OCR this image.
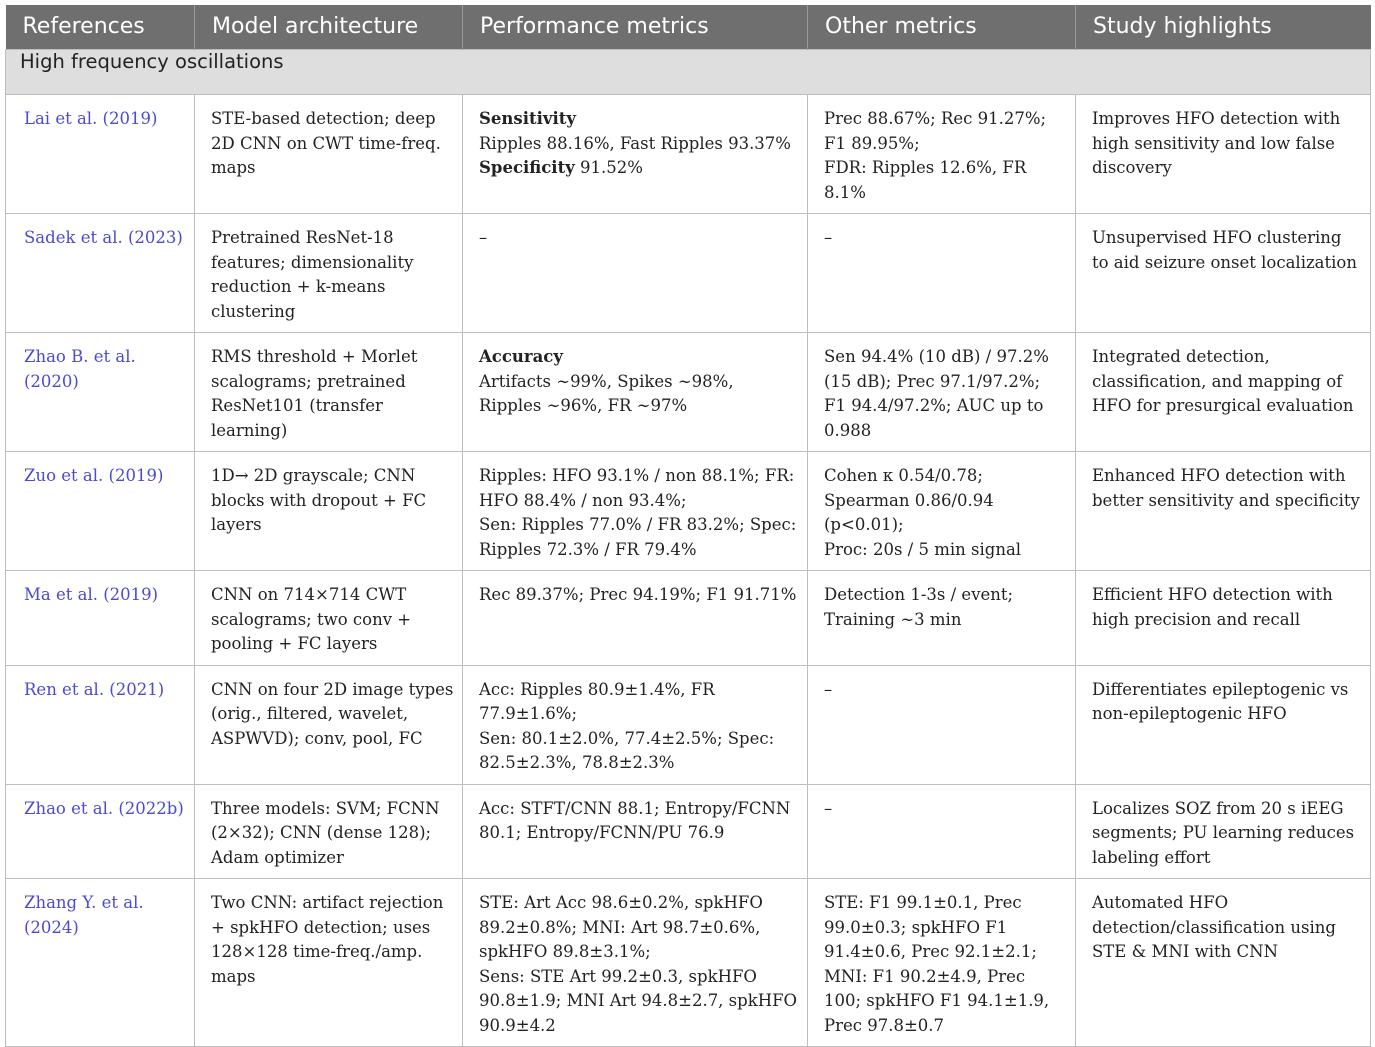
References	Model architecture	Performance metrics	Other metrics	Study highlights
High frequency oscillations				
Lai et al. (2019)	STE-based detection; deep 2D CNN on CWT time-freq. maps	Sensitivity
Ripples 88.16%, Fast Ripples 93.37%
Specificity 91.52%	Prec 88.67%; Rec 91.27%; F1 89.95%;
FDR: Ripples 12.6%, FR 8.1%	Improves HFO detection with high sensitivity and low false discovery
Sadek et al. (2023)	Pretrained ResNet-18 features; dimensionality reduction + k-means clustering	–	–	Unsupervised HFO clustering to aid seizure onset localization
Zhao B. et al. (2020)	RMS threshold + Morlet scalograms; pretrained ResNet101 (transfer learning)	Accuracy
Artifacts ∼99%, Spikes ∼98%, Ripples ∼96%, FR ∼97%	Sen 94.4% (10 dB) / 97.2% (15 dB); Prec 97.1/97.2%; F1 94.4/97.2%; AUC up to 0.988	Integrated detection, classification, and mapping of HFO for presurgical evaluation
Zuo et al. (2019)	1D→ 2D grayscale; CNN blocks with dropout + FC layers	Ripples: HFO 93.1% / non 88.1%; FR: HFO 88.4% / non 93.4%;
Sen: Ripples 77.0% / FR 83.2%; Spec: Ripples 72.3% / FR 79.4%	Cohen κ 0.54/0.78; Spearman 0.86/0.94 (p<0.01);
Proc: 20s / 5 min signal	Enhanced HFO detection with better sensitivity and specificity
Ma et al. (2019)	CNN on 714×714 CWT scalograms; two conv + pooling + FC layers	Rec 89.37%; Prec 94.19%; F1 91.71%	Detection 1-3s / event; Training ∼3 min	Efficient HFO detection with high precision and recall
Ren et al. (2021)	CNN on four 2D image types (orig., filtered, wavelet, ASPWVD); conv, pool, FC	Acc: Ripples 80.9±1.4%, FR 77.9±1.6%;
Sen: 80.1±2.0%, 77.4±2.5%; Spec: 82.5±2.3%, 78.8±2.3%	–	Differentiates epileptogenic vs non-epileptogenic HFO
Zhao et al. (2022b)	Three models: SVM; FCNN (2×32); CNN (dense 128); Adam optimizer	Acc: STFT/CNN 88.1; Entropy/FCNN 80.1; Entropy/FCNN/PU 76.9	–	Localizes SOZ from 20 s iEEG segments; PU learning reduces labeling effort
Zhang Y. et al. (2024)	Two CNN: artifact rejection + spkHFO detection; uses 128×128 time-freq./amp. maps	STE: Art Acc 98.6±0.2%, spkHFO 89.2±0.8%; MNI: Art 98.7±0.6%, spkHFO 89.8±3.1%;
Sens: STE Art 99.2±0.3, spkHFO 90.8±1.9; MNI Art 94.8±2.7, spkHFO 90.9±4.2	STE: F1 99.1±0.1, Prec 99.0±0.3; spkHFO F1 91.4±0.6, Prec 92.1±2.1;
MNI: F1 90.2±4.9, Prec 100; spkHFO F1 94.1±1.9, Prec 97.8±0.7	Automated HFO detection/classification using STE & MNI with CNN
